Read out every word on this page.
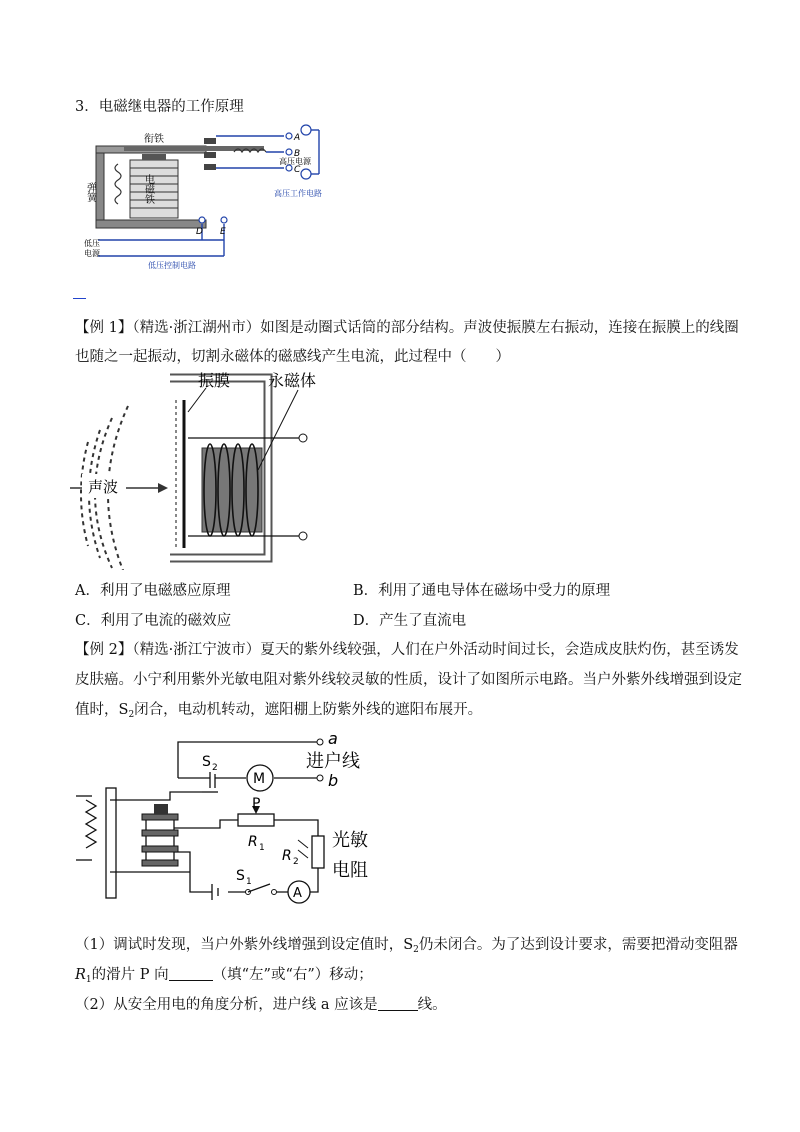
3．电磁继电器的工作原理
衔铁
弹簧	电磁铁
A
B
C
D E
高压电源
高压工作电路
低压
电源
低压控制电路
【例 1】（精选·浙江湖州市）如图是动圈式话筒的部分结构。声波使振膜左右振动，连接在振膜上的线圈
也随之一起振动，切割永磁体的磁感线产生电流，此过程中（　　）
声波
振膜 永磁体
A．利用了电磁感应原理	B．利用了通电导体在磁场中受力的原理
C．利用了电流的磁效应	D．产生了直流电
【例 2】（精选·浙江宁波市）夏天的紫外线较强，人们在户外活动时间过长，会造成皮肤灼伤，甚至诱发
皮肤癌。小宁利用紫外光敏电阻对紫外线较灵敏的性质，设计了如图所示电路。当户外紫外线增强到设定
值时，$S_2$闭合，电动机转动，遮阳棚上防紫外线的遮阳布展开。
M
A
a
b
进户线
S 2
P
R 1 R 2
光敏
电阻
S 1
（1）调试时发现，当户外紫外线增强到设定值时，$S_2$仍未闭合。为了达到设计要求，需要把滑动变阻器
$R_1$的滑片 P 向	（填“左”或“右”）移动；
（2）从安全用电的角度分析，进户线 a 应该是	线。
